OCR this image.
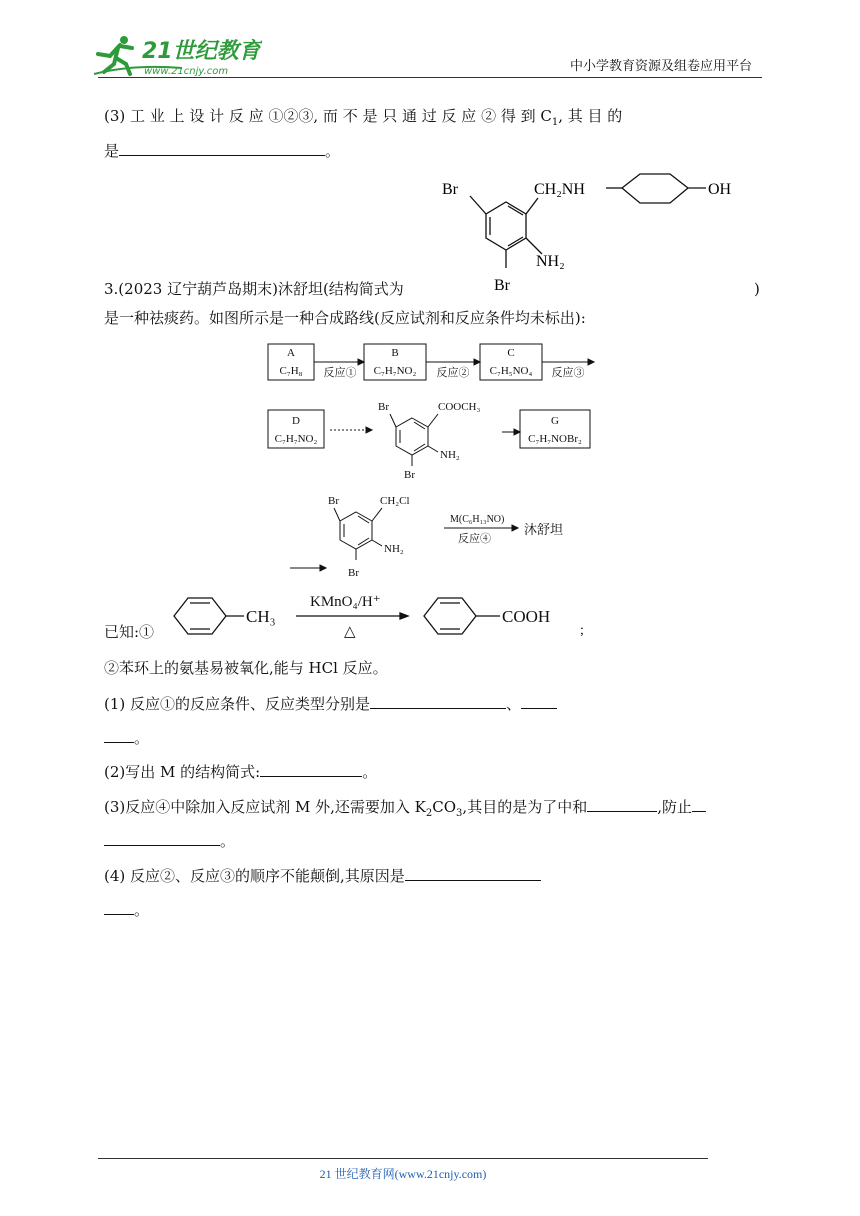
21世纪教育
www.21cnjy.com	中小学教育资源及组卷应用平台
(3) 工 业 上 设 计 反 应 ①②③, 而 不 是 只 通 过 反 应 ② 得 到 $C_1$, 其 目 的
是	。
Br	CH₂NH	OH
NH₂
Br
3.(2023 辽宁葫芦岛期末)沐舒坦(结构简式为	)
是一种祛痰药。如图所示是一种合成路线(反应试剂和反应条件均未标出):
A
C₇H₈
B
C₇H₇NO₂
C
C₇H₅NO₄
反应①	反应②	反应③
D
C₇H₇NO₂
G
C₇H₇NOBr₂
Br	COOCH₃
NH₂
Br
Br	CH₂Cl
NH₂
Br
M(C₆H₁₃NO)
反应④
沐舒坦
已知:①
CH₃
KMnO₄/H⁺
△
COOH
;
②苯环上的氨基易被氧化,能与 HCl 反应。
(1) 反应①的反应条件、反应类型分别是	、
。
(2)写出 M 的结构简式:	。
(3)反应④中除加入反应试剂 M 外,还需要加入 $K_2CO_3$,其目的是为了中和	,防止
。
(4) 反应②、反应③的顺序不能颠倒,其原因是
。
21 世纪教育网(www.21cnjy.com)
